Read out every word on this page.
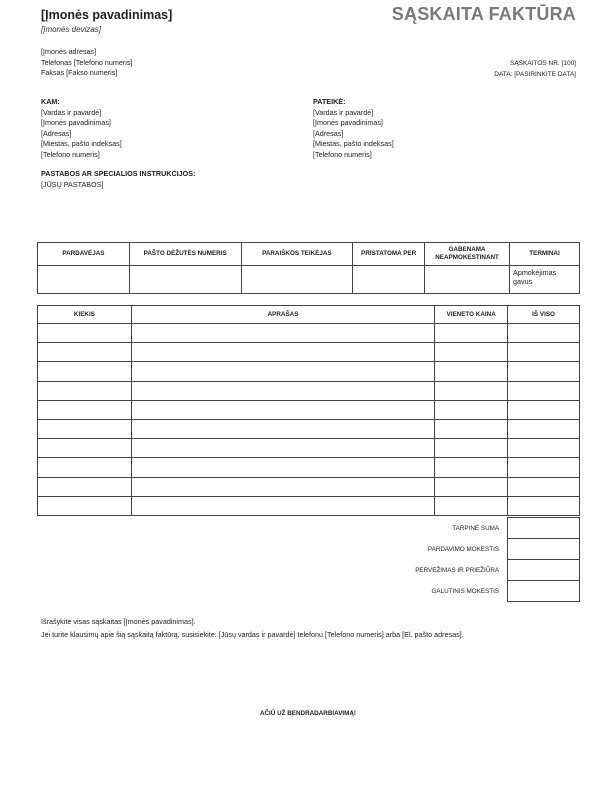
[Įmonės pavadinimas]
[Įmonės devizas]
SĄSKAITA FAKTŪRA
[Įmonės adresas]
Telefonas [Telefono numeris]
Faksas [Fakso numeris]
SĄSKAITOS NR. [100]
DATA: [PASIRINKITE DATA]
KAM:
[Vardas ir pavardė]
[Įmonės pavadinimas]
[Adresas]
[Miestas, pašto indeksas]
[Telefono numeris]
PATEIKĖ:
[Vardas ir pavardė]
[Įmonės pavadinimas]
[Adresas]
[Miestas, pašto indeksas]
[Telefono numeris]
PASTABOS AR SPECIALIOS INSTRUKCIJOS:
[JŪSŲ PASTABOS]
PARDAVĖJAS	PAŠTO DĖŽUTĖS NUMERIS	PARAIŠKOS TEIKĖJAS	PRISTATOMA PER	GABENAMA NEAPMOKESTINANT	TERMINAI
					Apmokėjimas gavus
KIEKIS	APRAŠAS	VIENETO KAINA	IŠ VISO

TARPINĖ SUMA	
PARDAVIMO MOKESTIS	
PERVEŽIMAS IR PRIEŽIŪRA	
GALUTINIS MOKESTIS	
Išrašykite visas sąskaitas [Įmonės pavadinimas].
Jei turite klausimų apie šią sąskaitą faktūrą, susisiekite: [Jūsų vardas ir pavardė] telefonu [Telefono numeris] arba [El. pašto adresas].
AČIŪ UŽ BENDRADARBIAVIMĄ!
